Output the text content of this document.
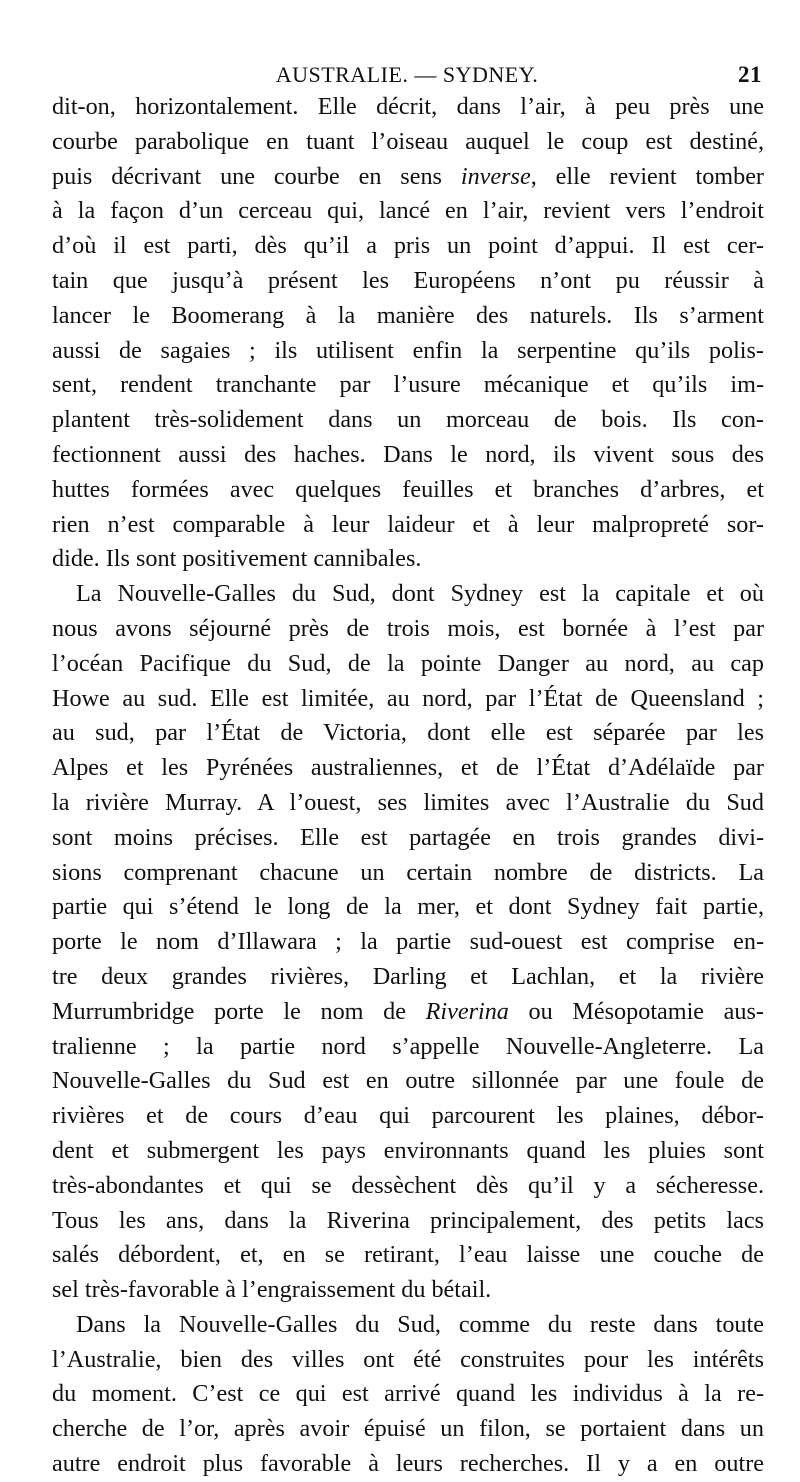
AUSTRALIE. — SYDNEY.	21
dit-on, horizontalement. Elle décrit, dans l’air, à peu près une
courbe parabolique en tuant l’oiseau auquel le coup est destiné,
puis décrivant une courbe en sens inverse, elle revient tomber
à la façon d’un cerceau qui, lancé en l’air, revient vers l’endroit
d’où il est parti, dès qu’il a pris un point d’appui. Il est cer-
tain que jusqu’à présent les Européens n’ont pu réussir à
lancer le Boomerang à la manière des naturels. Ils s’arment
aussi de sagaies ; ils utilisent enfin la serpentine qu’ils polis-
sent, rendent tranchante par l’usure mécanique et qu’ils im-
plantent très-solidement dans un morceau de bois. Ils con-
fectionnent aussi des haches. Dans le nord, ils vivent sous des
huttes formées avec quelques feuilles et branches d’arbres, et
rien n’est comparable à leur laideur et à leur malpropreté sor-
dide. Ils sont positivement cannibales.
La Nouvelle-Galles du Sud, dont Sydney est la capitale et où
nous avons séjourné près de trois mois, est bornée à l’est par
l’océan Pacifique du Sud, de la pointe Danger au nord, au cap
Howe au sud. Elle est limitée, au nord, par l’État de Queensland ;
au sud, par l’État de Victoria, dont elle est séparée par les
Alpes et les Pyrénées australiennes, et de l’État d’Adélaïde par
la rivière Murray. A l’ouest, ses limites avec l’Australie du Sud
sont moins précises. Elle est partagée en trois grandes divi-
sions comprenant chacune un certain nombre de districts. La
partie qui s’étend le long de la mer, et dont Sydney fait partie,
porte le nom d’Illawara ; la partie sud-ouest est comprise en-
tre deux grandes rivières, Darling et Lachlan, et la rivière
Murrumbridge porte le nom de Riverina ou Mésopotamie aus-
tralienne ; la partie nord s’appelle Nouvelle-Angleterre. La
Nouvelle-Galles du Sud est en outre sillonnée par une foule de
rivières et de cours d’eau qui parcourent les plaines, débor-
dent et submergent les pays environnants quand les pluies sont
très-abondantes et qui se dessèchent dès qu’il y a sécheresse.
Tous les ans, dans la Riverina principalement, des petits lacs
salés débordent, et, en se retirant, l’eau laisse une couche de
sel très-favorable à l’engraissement du bétail.
Dans la Nouvelle-Galles du Sud, comme du reste dans toute
l’Australie, bien des villes ont été construites pour les intérêts
du moment. C’est ce qui est arrivé quand les individus à la re-
cherche de l’or, après avoir épuisé un filon, se portaient dans un
autre endroit plus favorable à leurs recherches. Il y a en outre
